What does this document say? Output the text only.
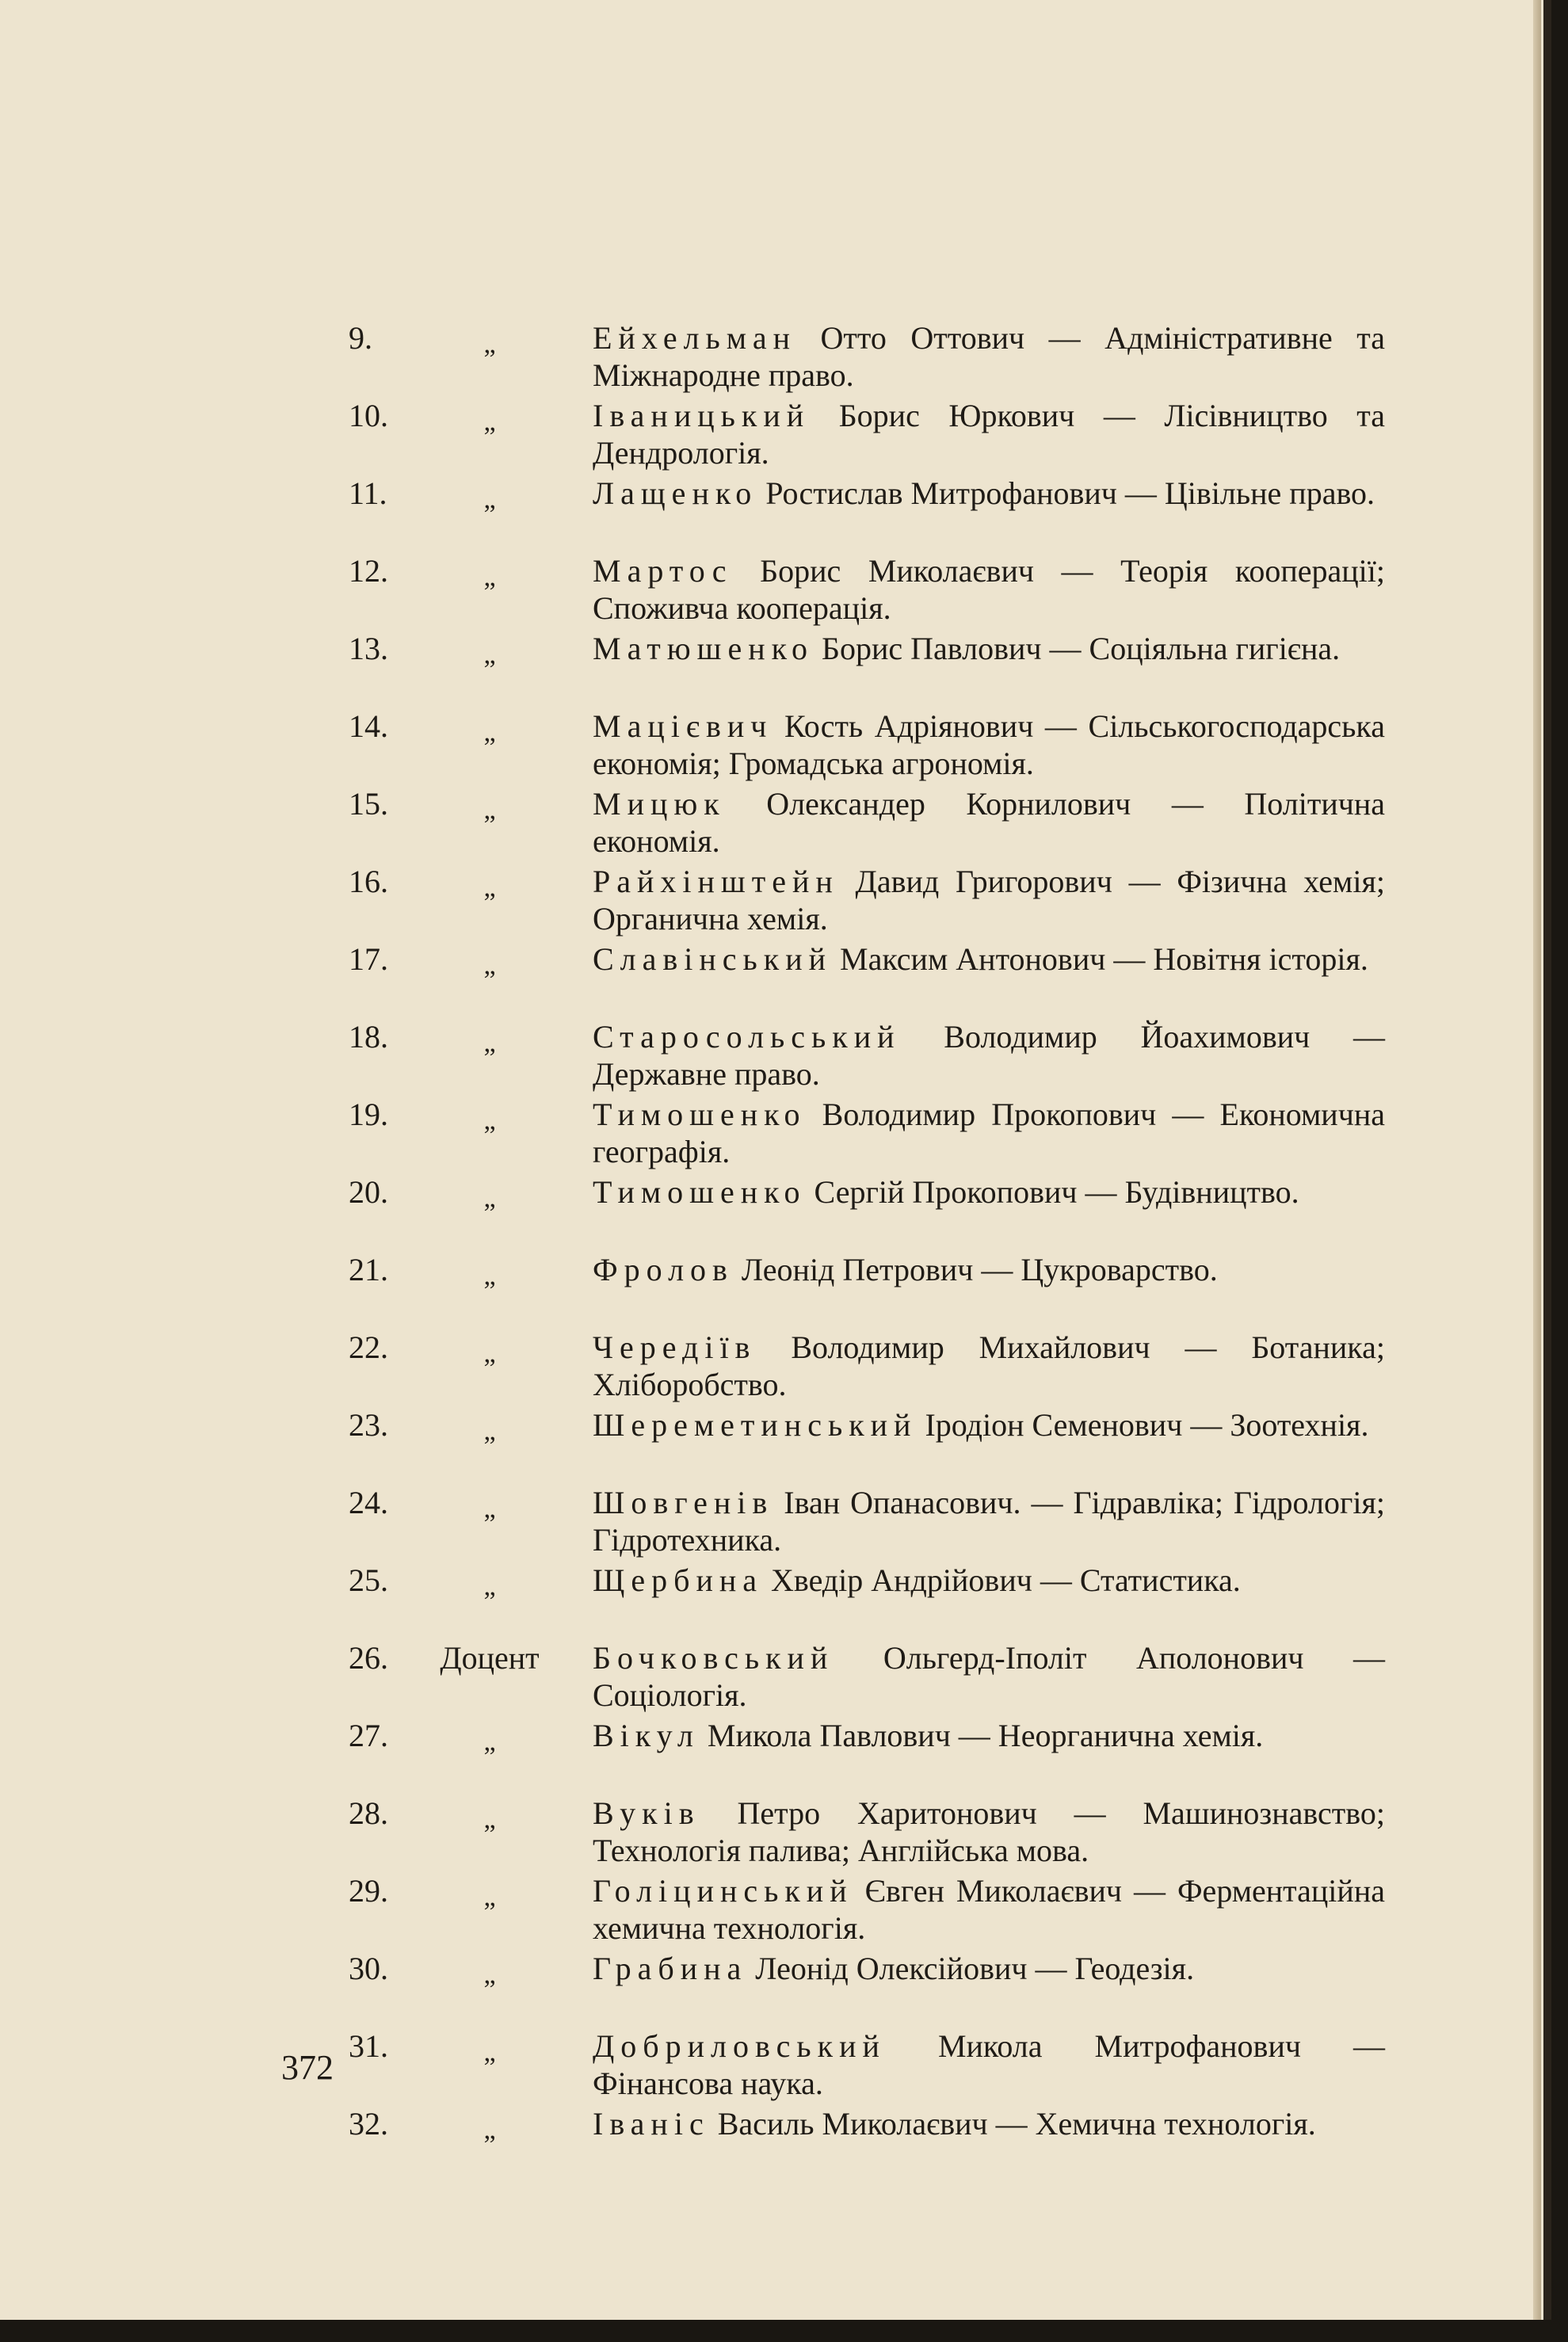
9.	„	Ейхельман Отто Оттович — Адміністративне та Міжнародне право.
10.	„	Іваницький Борис Юркович — Лісівництво та Дендрологія.
11.	„	Лащенко Ростислав Митрофанович — Цівільне право.
12.	„	Мартос Борис Миколаєвич — Теорія кооперації; Споживча кооперація.
13.	„	Матюшенко Борис Павлович — Соціяльна гигієна.
14.	„	Мацієвич Кость Адріянович — Сільськогосподарська економія; Громадська агрономія.
15.	„	Мицюк Олександер Корнилович — Політична економія.
16.	„	Райхінштейн Давид Григорович — Фізична хемія; Органична хемія.
17.	„	Славінський Максим Антонович — Новітня історія.
18.	„	Старосольський Володимир Йоахимович — Державне право.
19.	„	Тимошенко Володимир Прокопович — Економична географія.
20.	„	Тимошенко Сергій Прокопович — Будівництво.
21.	„	Фролов Леонід Петрович — Цукроварство.
22.	„	Чередіїв Володимир Михайлович — Ботаника; Хліборобство.
23.	„	Шереметинський Іродіон Семенович — Зоотехнія.
24.	„	Шовгенів Іван Опанасович. — Гідравліка; Гідрологія; Гідротехника.
25.	„	Щербина Хведір Андрійович — Статистика.
26.	Доцент	Бочковський Ольгерд-Іполіт Аполонович — Соціологія.
27.	„	Вікул Микола Павлович — Неорганична хемія.
28.	„	Вуків Петро Харитонович — Машинознавство; Технологія палива; Англійська мова.
29.	„	Голіцинський Євген Миколаєвич — Ферментаційна хемична технологія.
30.	„	Грабина Леонід Олексійович — Геодезія.
31.	„	Добриловський Микола Митрофанович — Фінансова наука.
32.	„	Іваніс Василь Миколаєвич — Хемична технологія.
372
